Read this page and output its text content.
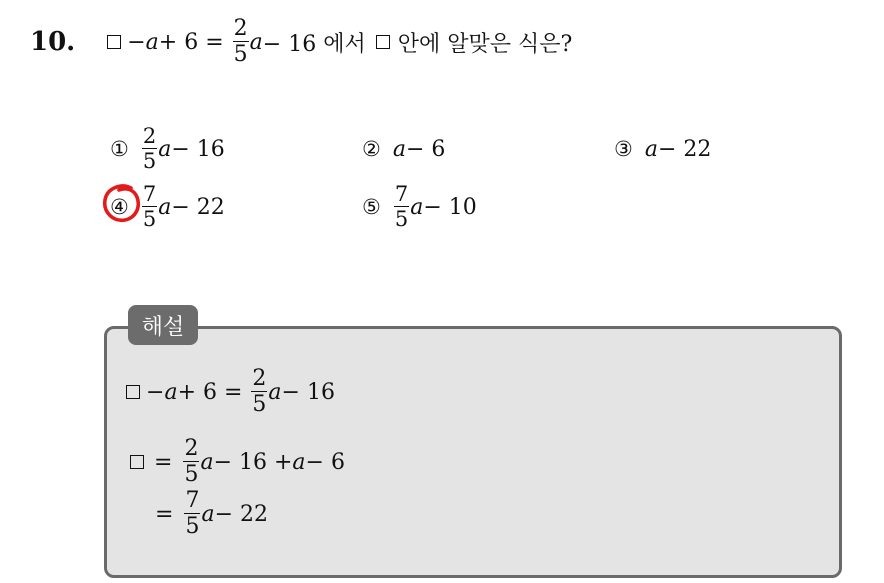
10. − $a + 6 = \frac{2}{5}$ a − 16 에서 안에 알맞은 식은?
① $\frac{2}{5}$ a − 16	② a − 6	③ a − 22
④ $\frac{7}{5}$ a − 22	⑤ $\frac{7}{5}$ a − 10
해설
− $a + 6 = \frac{2}{5}$ a − 16
= $\frac{2}{5}$ a − 16 + a − 6
= $\frac{7}{5}$ a − 22
